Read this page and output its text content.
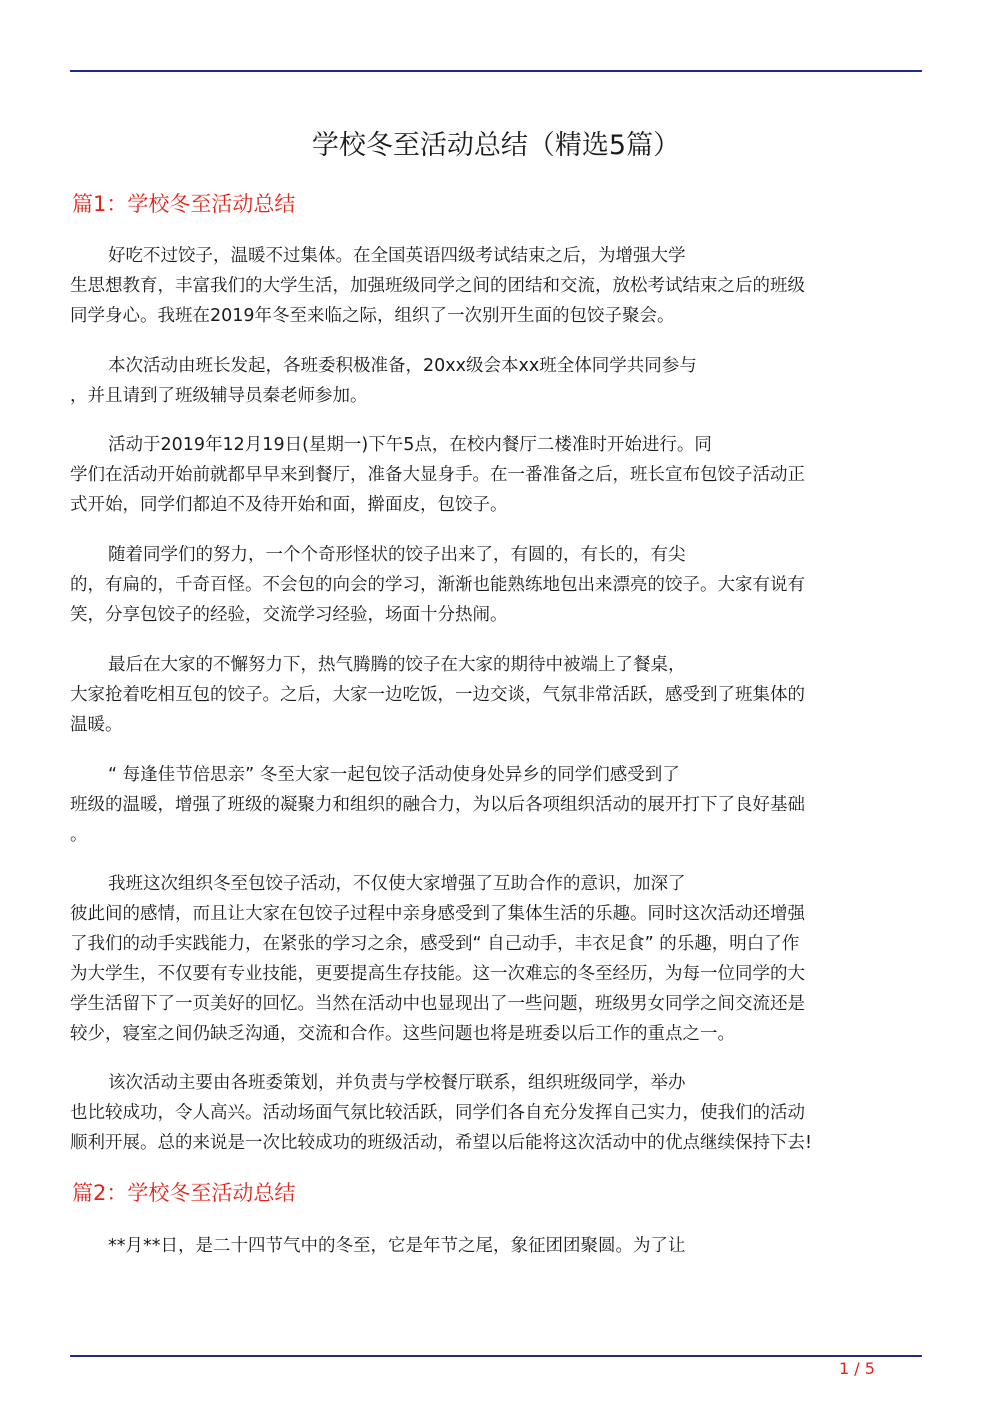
学校冬至活动总结（精选5篇）
篇1：学校冬至活动总结

好吃不过饺子，温暖不过集体。在全国英语四级考试结束之后，为增强大学
生思想教育，丰富我们的大学生活，加强班级同学之间的团结和交流，放松考试结束之后的班级
同学身心。我班在2019年冬至来临之际，组织了一次别开生面的包饺子聚会。

本次活动由班长发起，各班委积极准备，20xx级会本xx班全体同学共同参与
，并且请到了班级辅导员秦老师参加。

活动于2019年12月19日(星期一)下午5点，在校内餐厅二楼准时开始进行。同
学们在活动开始前就都早早来到餐厅，准备大显身手。在一番准备之后，班长宣布包饺子活动正
式开始，同学们都迫不及待开始和面，擀面皮，包饺子。

随着同学们的努力，一个个奇形怪状的饺子出来了，有圆的，有长的，有尖
的，有扁的，千奇百怪。不会包的向会的学习，渐渐也能熟练地包出来漂亮的饺子。大家有说有
笑，分享包饺子的经验，交流学习经验，场面十分热闹。

最后在大家的不懈努力下，热气腾腾的饺子在大家的期待中被端上了餐桌，
大家抢着吃相互包的饺子。之后，大家一边吃饭，一边交谈，气氛非常活跃，感受到了班集体的
温暖。

“ 每逢佳节倍思亲” 冬至大家一起包饺子活动使身处异乡的同学们感受到了
班级的温暖，增强了班级的凝聚力和组织的融合力，为以后各项组织活动的展开打下了良好基础
。

我班这次组织冬至包饺子活动，不仅使大家增强了互助合作的意识，加深了
彼此间的感情，而且让大家在包饺子过程中亲身感受到了集体生活的乐趣。同时这次活动还增强
了我们的动手实践能力，在紧张的学习之余，感受到“ 自己动手，丰衣足食” 的乐趣，明白了作
为大学生，不仅要有专业技能，更要提高生存技能。这一次难忘的冬至经历，为每一位同学的大
学生活留下了一页美好的回忆。当然在活动中也显现出了一些问题，班级男女同学之间交流还是
较少，寝室之间仍缺乏沟通，交流和合作。这些问题也将是班委以后工作的重点之一。

该次活动主要由各班委策划，并负责与学校餐厅联系，组织班级同学，举办
也比较成功，令人高兴。活动场面气氛比较活跃，同学们各自充分发挥自己实力，使我们的活动
顺利开展。总的来说是一次比较成功的班级活动，希望以后能将这次活动中的优点继续保持下去!

篇2：学校冬至活动总结

**月**日，是二十四节气中的冬至，它是年节之尾，象征团团聚圆。为了让

1 / 5
